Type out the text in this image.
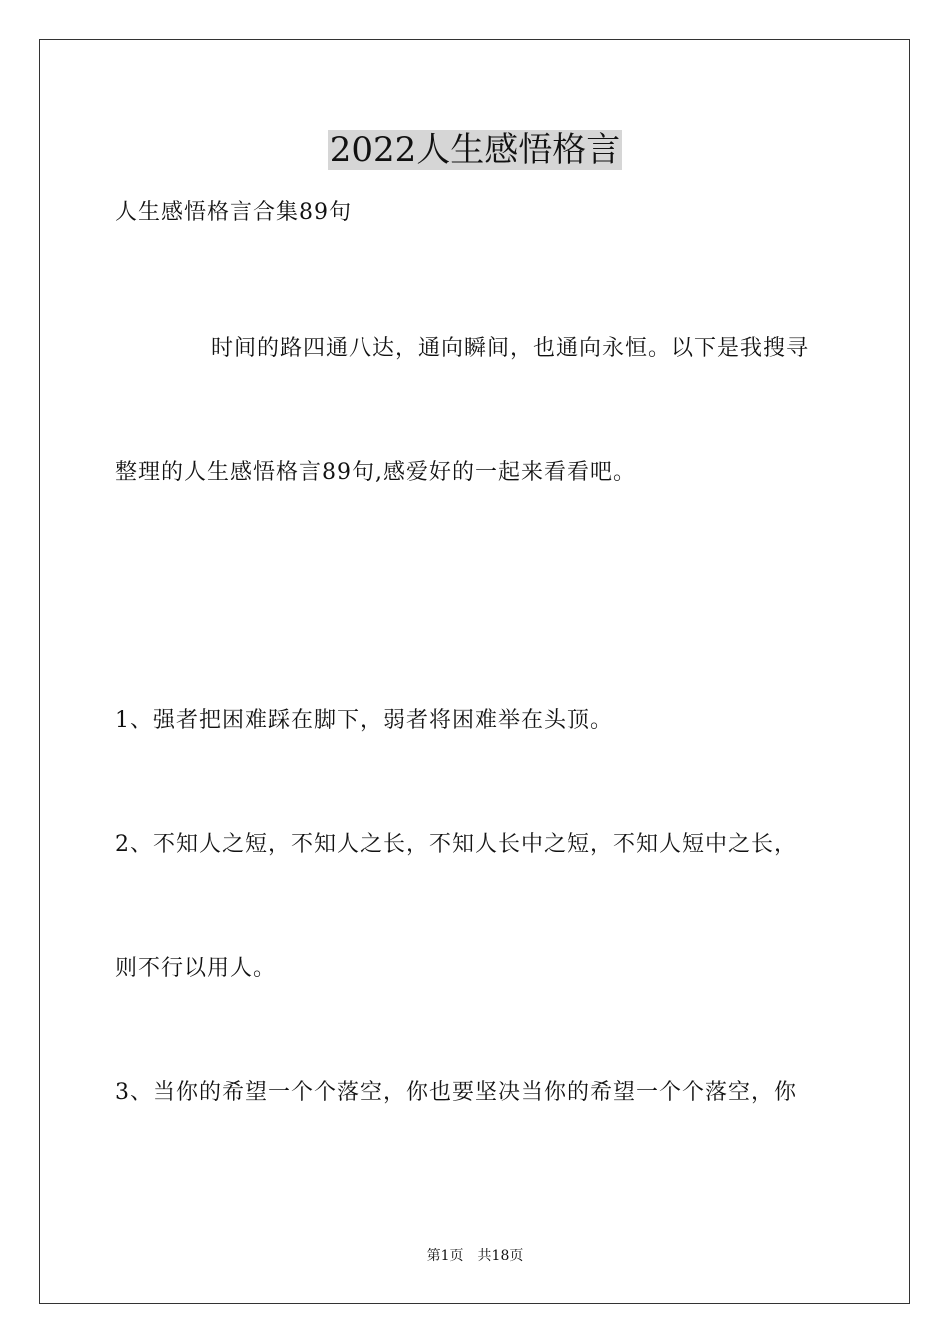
2022人生感悟格言
人生感悟格言合集89句
时间的路四通八达，通向瞬间，也通向永恒。以下是我搜寻
整理的人生感悟格言89句,感爱好的一起来看看吧。
1、强者把困难踩在脚下，弱者将困难举在头顶。
2、不知人之短，不知人之长，不知人长中之短，不知人短中之长，
则不行以用人。
3、当你的希望一个个落空，你也要坚决当你的希望一个个落空，你
第1页　共18页
